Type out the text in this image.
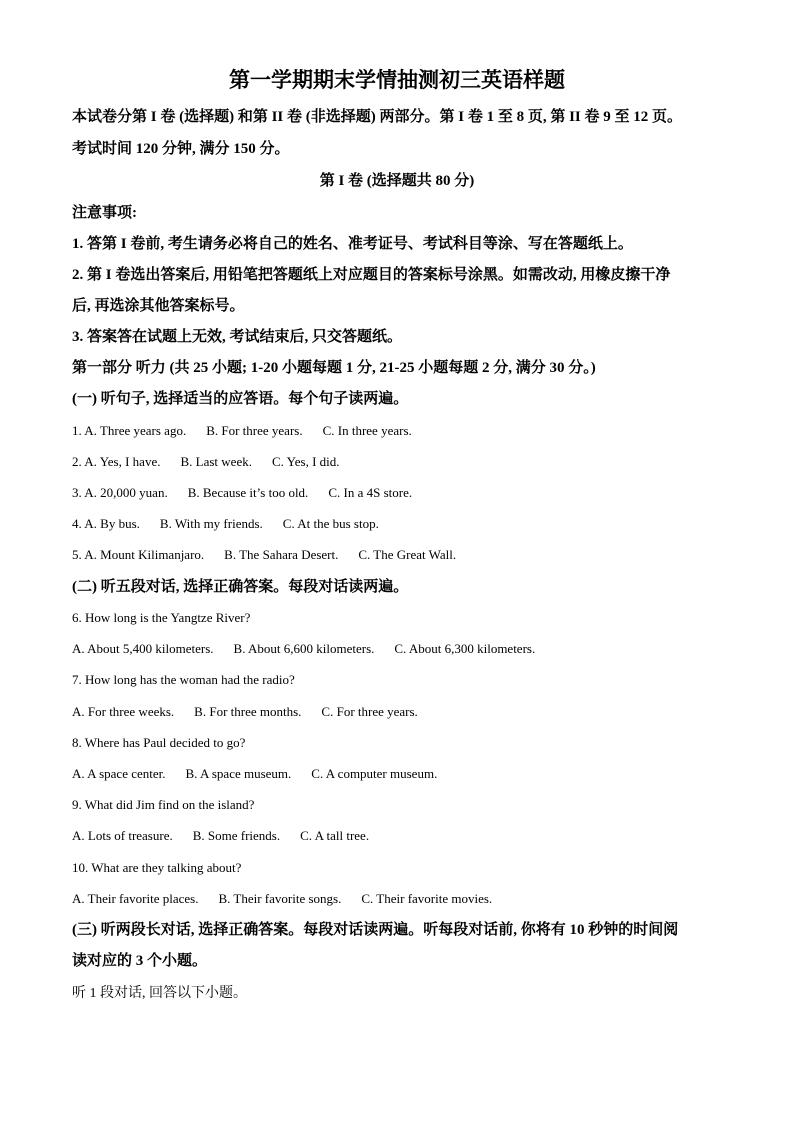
第一学期期末学情抽测初三英语样题
本试卷分第 I 卷 (选择题) 和第 II 卷 (非选择题) 两部分。第 I 卷 1 至 8 页, 第 II 卷 9 至 12 页。
考试时间 120 分钟, 满分 150 分。
第 I 卷 (选择题共 80 分)
注意事项:
1. 答第 I 卷前, 考生请务必将自己的姓名、准考证号、考试科目等涂、写在答题纸上。
2. 第 I 卷选出答案后, 用铅笔把答题纸上对应题目的答案标号涂黑。如需改动, 用橡皮擦干净
后, 再选涂其他答案标号。
3. 答案答在试题上无效, 考试结束后, 只交答题纸。
第一部分 听力 (共 25 小题; 1-20 小题每题 1 分, 21-25 小题每题 2 分, 满分 30 分。)
(一) 听句子, 选择适当的应答语。每个句子读两遍。
1. A. Three years ago. B. For three years. C. In three years.
2. A. Yes, I have. B. Last week. C. Yes, I did.
3. A. 20,000 yuan. B. Because it’s too old. C. In a 4S store.
4. A. By bus. B. With my friends. C. At the bus stop.
5. A. Mount Kilimanjaro. B. The Sahara Desert. C. The Great Wall.
(二) 听五段对话, 选择正确答案。每段对话读两遍。
6. How long is the Yangtze River?
A. About 5,400 kilometers. B. About 6,600 kilometers. C. About 6,300 kilometers.
7. How long has the woman had the radio?
A. For three weeks. B. For three months. C. For three years.
8. Where has Paul decided to go?
A. A space center. B. A space museum. C. A computer museum.
9. What did Jim find on the island?
A. Lots of treasure. B. Some friends. C. A tall tree.
10. What are they talking about?
A. Their favorite places. B. Their favorite songs. C. Their favorite movies.
(三) 听两段长对话, 选择正确答案。每段对话读两遍。听每段对话前, 你将有 10 秒钟的时间阅
读对应的 3 个小题。
听 1 段对话, 回答以下小题。
